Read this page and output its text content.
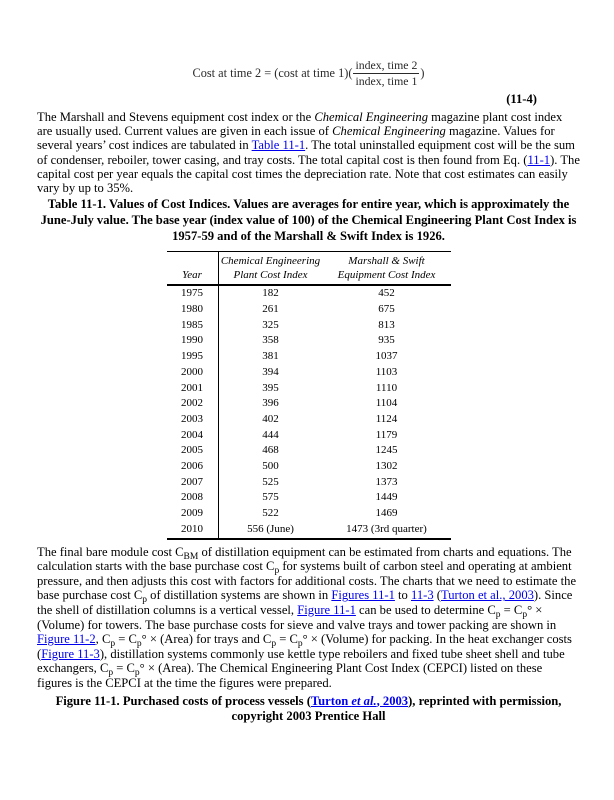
Cost at time 2 = (cost at time $1)( \frac{\text{index, time 2}}{\text{index, time 1}}$ )
(11-4)
The Marshall and Stevens equipment cost index or the Chemical Engineering magazine plant cost index are usually used. Current values are given in each issue of Chemical Engineering magazine. Values for several years’ cost indices are tabulated in Table 11-1. The total uninstalled equipment cost will be the sum of condenser, reboiler, tower casing, and tray costs. The total capital cost is then found from Eq. (11-1). The capital cost per year equals the capital cost times the depreciation rate. Note that cost estimates can easily vary by up to 35%.
Table 11-1. Values of Cost Indices. Values are averages for entire year, which is approximately the June-July value. The base year (index value of 100) of the Chemical Engineering Plant Cost Index is 1957-59 and of the Marshall & Swift Index is 1926.
Year

Chemical Engineering
Plant Cost Index

Marshall & Swift
Equipment Cost Index

1975	182	452
1980	261	675
1985	325	813
1990	358	935
1995	381	1037
2000	394	1103
2001	395	1110
2002	396	1104
2003	402	1124
2004	444	1179
2005	468	1245
2006	500	1302
2007	525	1373
2008	575	1449
2009	522	1469
2010	556 (June)	1473 (3rd quarter)
The final bare module cost $C_{BM}$ of distillation equipment can be estimated from charts and equations. The calculation starts with the base purchase cost $C_p$ for systems built of carbon steel and operating at ambient pressure, and then adjusts this cost with factors for additional costs. The charts that we need to estimate the base purchase cost $C_p$ of distillation systems are shown in Figures 11-1 to 11-3 (Turton et al., 2003). Since the shell of distillation columns is a vertical vessel, Figure 11-1 can be used to determine $C_p = C_p^\circ$ × (Volume) for towers. The base purchase costs for sieve and valve trays and tower packing are shown in Figure 11-2, $C_p = C_p^\circ$ × (Area) for trays and $C_p = C_p^\circ$ × (Volume) for packing. In the heat exchanger costs (Figure 11-3), distillation systems commonly use kettle type reboilers and fixed tube sheet shell and tube exchangers, $C_p = C_p^\circ$ × (Area). The Chemical Engineering Plant Cost Index (CEPCI) listed on these figures is the CEPCI at the time the figures were prepared.
Figure 11-1. Purchased costs of process vessels (Turton et al., 2003), reprinted with permission, copyright 2003 Prentice Hall
